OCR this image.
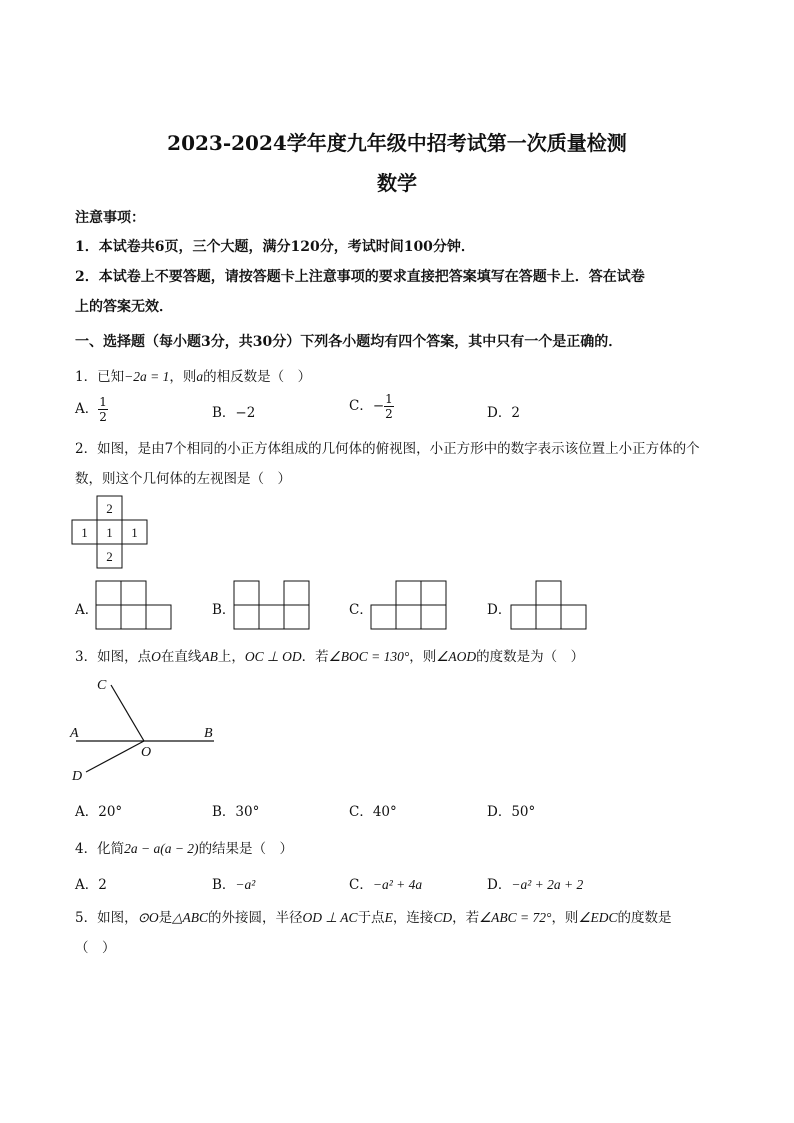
2023-2024学年度九年级中招考试第一次质量检测
数学
注意事项：
1．本试卷共6页，三个大题，满分120分，考试时间100分钟．
2．本试卷上不要答题，请按答题卡上注意事项的要求直接把答案填写在答题卡上．答在试卷
上的答案无效．
一、选择题（每小题3分，共30分）下列各小题均有四个答案，其中只有一个是正确的．
1．已知−2a = 1，则a的相反数是（　）
A． $\frac{1}{2}$	B．−2	C．− $\frac{1}{2}$	D．2
2．如图，是由7个相同的小正方体组成的几何体的俯视图，小正方形中的数字表示该位置上小正方体的个
数，则这个几何体的左视图是（　）
2
1 1 1
2
A．	B．	C．	D．
3．如图，点O在直线AB上，OC ⊥ OD．若∠BOC = 130°，则∠AOD的度数是为（　）
C
A	B
O
D
A．20°	B．30°	C．40°	D．50°
4．化简2a − a(a − 2)的结果是（　）
A．2	B．−a²	C．−a² + 4a	D．−a² + 2a + 2
5．如图，⊙O是△ABC的外接圆，半径OD ⊥ AC于点E，连接CD，若∠ABC = 72°，则∠EDC的度数是
（　）
